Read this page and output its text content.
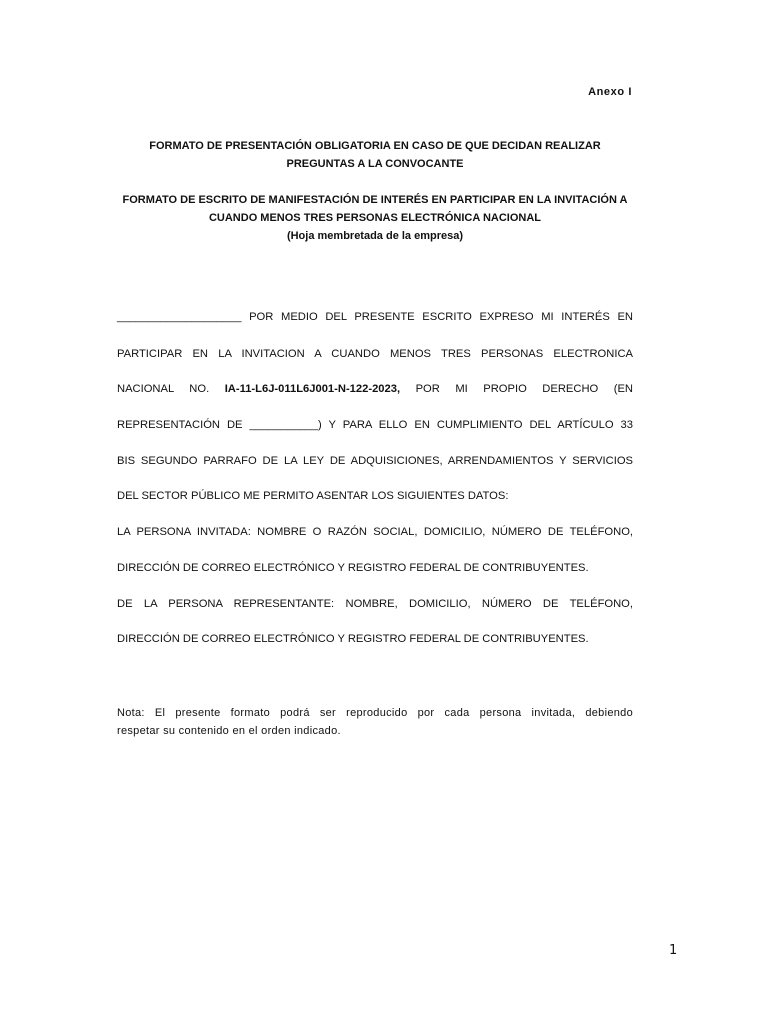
Anexo I
FORMATO DE PRESENTACIÓN OBLIGATORIA EN CASO DE QUE DECIDAN REALIZAR PREGUNTAS A LA CONVOCANTE
FORMATO DE ESCRITO DE MANIFESTACIÓN DE INTERÉS EN PARTICIPAR EN LA INVITACIÓN A CUANDO MENOS TRES PERSONAS ELECTRÓNICA NACIONAL
(Hoja membretada de la empresa)
____________________ POR MEDIO DEL PRESENTE ESCRITO EXPRESO MI INTERÉS EN
PARTICIPAR EN LA INVITACION A CUANDO MENOS TRES PERSONAS ELECTRONICA
NACIONAL NO. IA-11-L6J-011L6J001-N-122-2023, POR MI PROPIO DERECHO (EN
REPRESENTACIÓN DE ___________) Y PARA ELLO EN CUMPLIMIENTO DEL ARTÍCULO 33
BIS SEGUNDO PARRAFO DE LA LEY DE ADQUISICIONES, ARRENDAMIENTOS Y SERVICIOS
DEL SECTOR PÚBLICO ME PERMITO ASENTAR LOS SIGUIENTES DATOS:
LA PERSONA INVITADA: NOMBRE O RAZÓN SOCIAL, DOMICILIO, NÚMERO DE TELÉFONO,
DIRECCIÓN DE CORREO ELECTRÓNICO Y REGISTRO FEDERAL DE CONTRIBUYENTES.
DE LA PERSONA REPRESENTANTE: NOMBRE, DOMICILIO, NÚMERO DE TELÉFONO,
DIRECCIÓN DE CORREO ELECTRÓNICO Y REGISTRO FEDERAL DE CONTRIBUYENTES.
Nota: El presente formato podrá ser reproducido por cada persona invitada, debiendo
respetar su contenido en el orden indicado.
1
